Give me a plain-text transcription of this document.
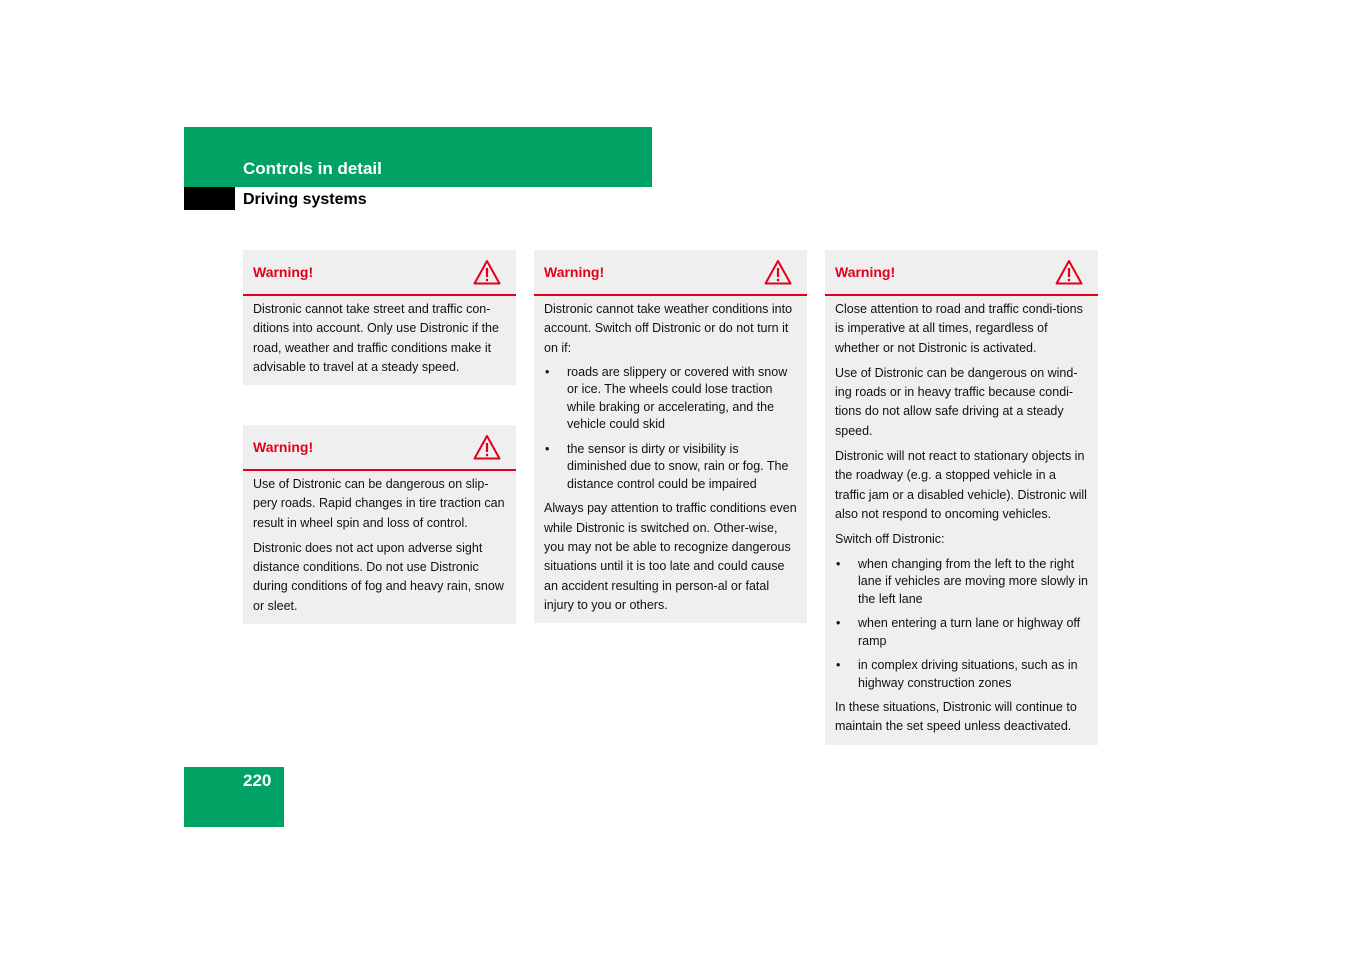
Controls in detail
Driving systems
Warning!

Distronic cannot take street and traffic con-ditions into account. Only use Distronic if the road, weather and traffic conditions make it advisable to travel at a steady speed.

Warning!

Use of Distronic can be dangerous on slip-pery roads. Rapid changes in tire traction can result in wheel spin and loss of control.

Distronic does not act upon adverse sight distance conditions. Do not use Distronic during conditions of fog and heavy rain, snow or sleet.

Warning!

Distronic cannot take weather conditions into account. Switch off Distronic or do not turn it on if:

• roads are slippery or covered with snow or ice. The wheels could lose traction while braking or accelerating, and the vehicle could skid
• the sensor is dirty or visibility is diminished due to snow, rain or fog. The distance control could be impaired

Always pay attention to traffic conditions even while Distronic is switched on. Other-wise, you may not be able to recognize dangerous situations until it is too late and could cause an accident resulting in person-al or fatal injury to you or others.

Warning!

Close attention to road and traffic condi-tions is imperative at all times, regardless of whether or not Distronic is activated.

Use of Distronic can be dangerous on wind-ing roads or in heavy traffic because condi-tions do not allow safe driving at a steady speed.

Distronic will not react to stationary objects in the roadway (e.g. a stopped vehicle in a traffic jam or a disabled vehicle). Distronic will also not respond to oncoming vehicles.

Switch off Distronic:

• when changing from the left to the right lane if vehicles are moving more slowly in the left lane
• when entering a turn lane or highway off ramp
• in complex driving situations, such as in highway construction zones

In these situations, Distronic will continue to maintain the set speed unless deactivated.

220
